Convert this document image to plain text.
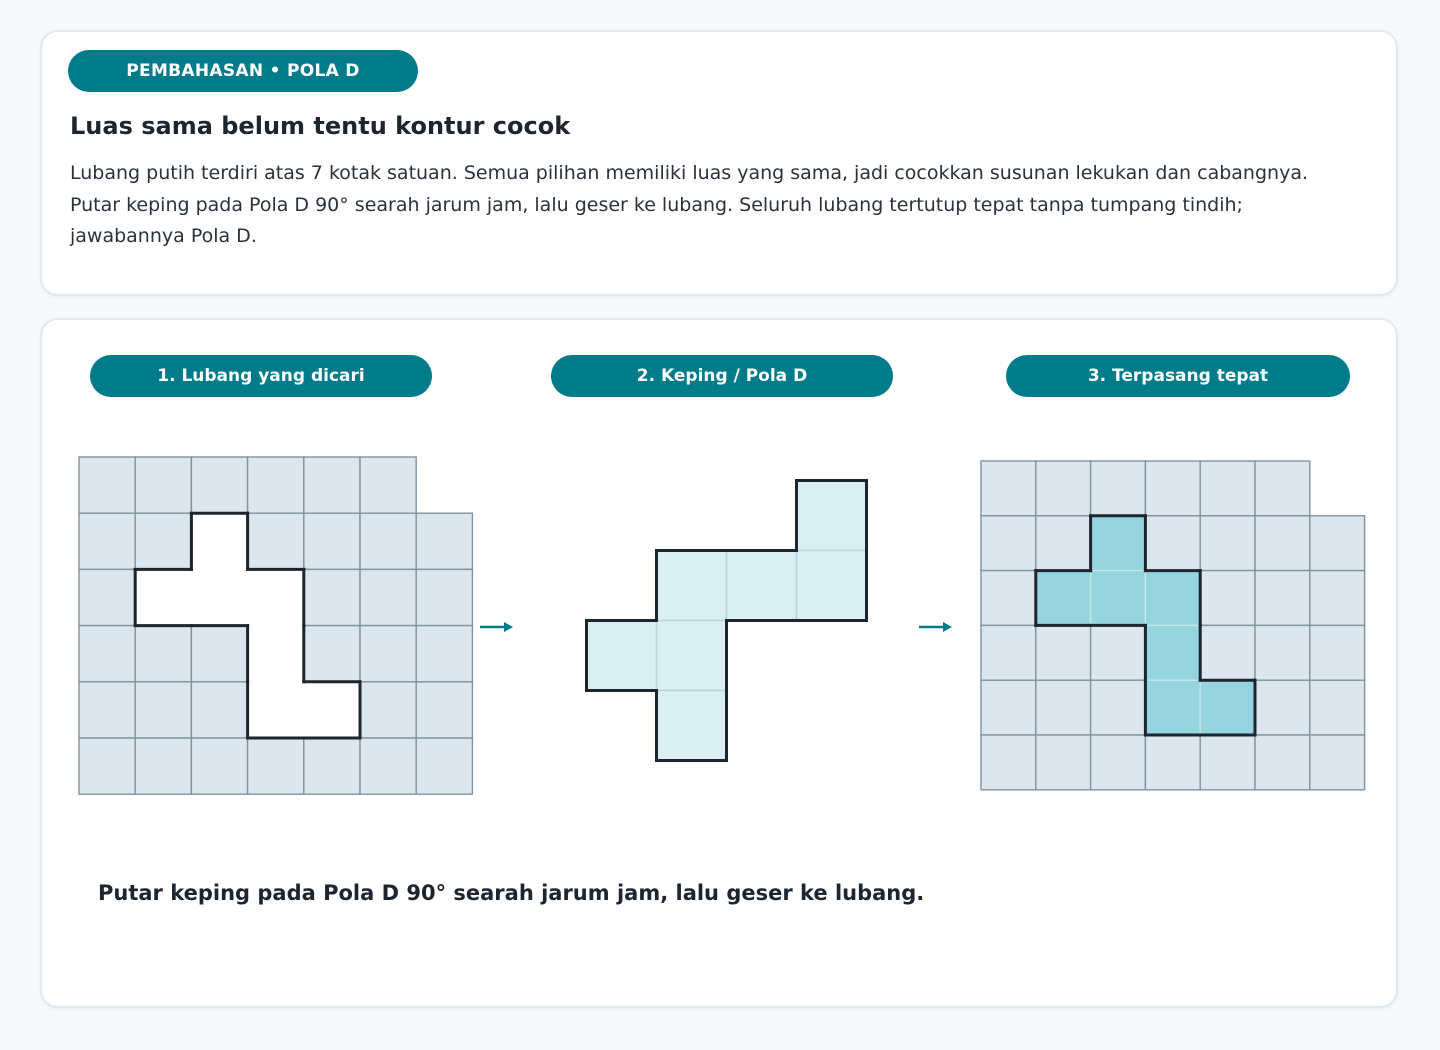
PEMBAHASAN • POLA D
Luas sama belum tentu kontur cocok

Lubang putih terdiri atas 7 kotak satuan. Semua pilihan memiliki luas yang sama, jadi cocokkan susunan lekukan dan cabangnya. Putar keping pada Pola D 90° searah jarum jam, lalu geser ke lubang. Seluruh lubang tertutup tepat tanpa tumpang tindih; jawabannya Pola D.

1. Lubang yang dicari	2. Keping / Pola D	3. Terpasang tepat

Putar keping pada Pola D 90° searah jarum jam, lalu geser ke lubang.
